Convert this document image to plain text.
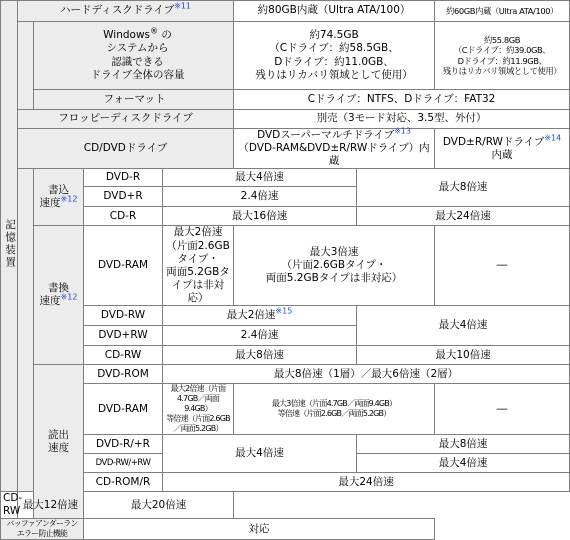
記憶装置	ハードディスクドライブ$^{※11}$				約80GB内蔵（Ultra ATA/100）		約60GB内蔵（Ultra ATA/100）

		Windows® の
システムから
認識できる
ドライブ全体の容量			約74.5GB
（Cドライブ：約58.5GB、
Dドライブ：約11.0GB、
残りはリカバリ領域として使用）		約55.8GB
（Cドライブ：約39.0GB、
Dドライブ：約11.9GB、
残りはリカバリ領域として使用）
		フォーマット			Cドライブ：NTFS、Dドライブ：FAT32		
	フロッピーディスクドライブ				別売（3モード対応、3.5型、外付）		
	CD/DVDドライブ				DVDスーパーマルチドライブ$^{※13}$
（DVD-RAM&DVD±R/RWドライブ）内蔵		DVD±R/RWドライブ$^{※14}$
内蔵
		書込
速度$^{※12}$	DVD-R	最大4倍速		最大8倍速	
			DVD+R	2.4倍速			
			CD-R	最大16倍速		最大24倍速	
		書換
速度$^{※12}$	DVD-RAM	最大2倍速
（片面2.6GBタイプ・
両面5.2GBタイプは非対応）	最大3倍速
（片面2.6GBタイプ・
両面5.2GBタイプは非対応）		―
			DVD-RW	最大2倍速$^{※15}$		最大4倍速	
			DVD+RW	2.4倍速			
			CD-RW	最大8倍速		最大10倍速	
		読出
速度	DVD-ROM	最大8倍速（1層）／最大6倍速（2層）			
			DVD-RAM	最大2倍速（片面4.7GB／両面9.4GB）
等倍速（片面2.6GB／両面5.2GB）	最大3倍速（片面4.7GB／両面9.4GB）
等倍速（片面2.6GB／両面5.2GB）		―
			DVD-R/+R	最大4倍速		最大8倍速	
			DVD-RW/+RW			最大4倍速	
			CD-ROM/R	最大24倍速			
CD-RW	最大12倍速		最大20倍速				
バッファアンダーランエラー防止機能			対応				
